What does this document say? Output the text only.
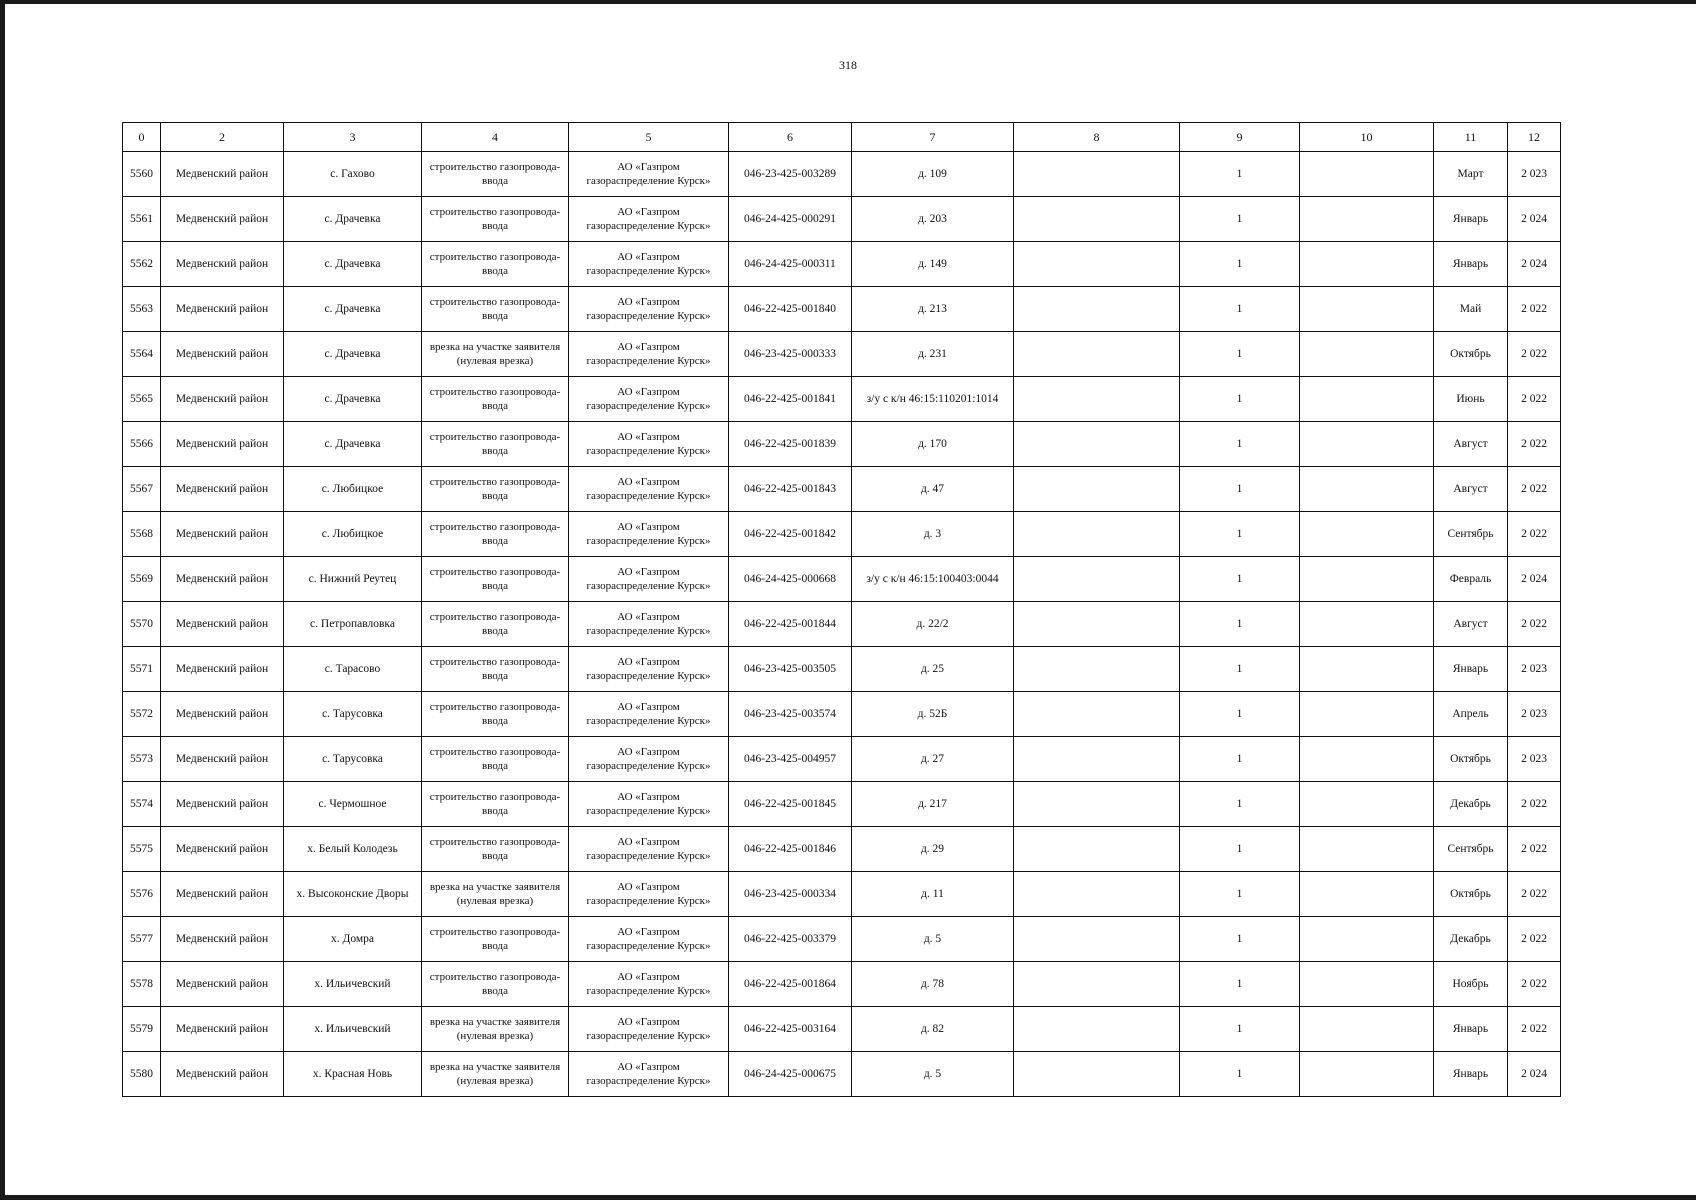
318
0	2	3	4	5	6	7	8	9	10	11	12
5560	Медвенский район	с. Гахово	строительство газопровода-ввода	АО «Газпром газораспределение Курск»	046-23-425-003289	д. 109		1		Март	2 023
5561	Медвенский район	с. Драчевка	строительство газопровода-ввода	АО «Газпром газораспределение Курск»	046-24-425-000291	д. 203		1		Январь	2 024
5562	Медвенский район	с. Драчевка	строительство газопровода-ввода	АО «Газпром газораспределение Курск»	046-24-425-000311	д. 149		1		Январь	2 024
5563	Медвенский район	с. Драчевка	строительство газопровода-ввода	АО «Газпром газораспределение Курск»	046-22-425-001840	д. 213		1		Май	2 022
5564	Медвенский район	с. Драчевка	врезка на участке заявителя (нулевая врезка)	АО «Газпром газораспределение Курск»	046-23-425-000333	д. 231		1		Октябрь	2 022
5565	Медвенский район	с. Драчевка	строительство газопровода-ввода	АО «Газпром газораспределение Курск»	046-22-425-001841	з/у с к/н 46:15:110201:1014		1		Июнь	2 022
5566	Медвенский район	с. Драчевка	строительство газопровода-ввода	АО «Газпром газораспределение Курск»	046-22-425-001839	д. 170		1		Август	2 022
5567	Медвенский район	с. Любицкое	строительство газопровода-ввода	АО «Газпром газораспределение Курск»	046-22-425-001843	д. 47		1		Август	2 022
5568	Медвенский район	с. Любицкое	строительство газопровода-ввода	АО «Газпром газораспределение Курск»	046-22-425-001842	д. 3		1		Сентябрь	2 022
5569	Медвенский район	с. Нижний Реутец	строительство газопровода-ввода	АО «Газпром газораспределение Курск»	046-24-425-000668	з/у с к/н 46:15:100403:0044		1		Февраль	2 024
5570	Медвенский район	с. Петропавловка	строительство газопровода-ввода	АО «Газпром газораспределение Курск»	046-22-425-001844	д. 22/2		1		Август	2 022
5571	Медвенский район	с. Тарасово	строительство газопровода-ввода	АО «Газпром газораспределение Курск»	046-23-425-003505	д. 25		1		Январь	2 023
5572	Медвенский район	с. Тарусовка	строительство газопровода-ввода	АО «Газпром газораспределение Курск»	046-23-425-003574	д. 52Б		1		Апрель	2 023
5573	Медвенский район	с. Тарусовка	строительство газопровода-ввода	АО «Газпром газораспределение Курск»	046-23-425-004957	д. 27		1		Октябрь	2 023
5574	Медвенский район	с. Чермошное	строительство газопровода-ввода	АО «Газпром газораспределение Курск»	046-22-425-001845	д. 217		1		Декабрь	2 022
5575	Медвенский район	х. Белый Колодезь	строительство газопровода-ввода	АО «Газпром газораспределение Курск»	046-22-425-001846	д. 29		1		Сентябрь	2 022
5576	Медвенский район	х. Высоконские Дворы	врезка на участке заявителя (нулевая врезка)	АО «Газпром газораспределение Курск»	046-23-425-000334	д. 11		1		Октябрь	2 022
5577	Медвенский район	х. Домра	строительство газопровода-ввода	АО «Газпром газораспределение Курск»	046-22-425-003379	д. 5		1		Декабрь	2 022
5578	Медвенский район	х. Ильичевский	строительство газопровода-ввода	АО «Газпром газораспределение Курск»	046-22-425-001864	д. 78		1		Ноябрь	2 022
5579	Медвенский район	х. Ильичевский	врезка на участке заявителя (нулевая врезка)	АО «Газпром газораспределение Курск»	046-22-425-003164	д. 82		1		Январь	2 022
5580	Медвенский район	х. Красная Новь	врезка на участке заявителя (нулевая врезка)	АО «Газпром газораспределение Курск»	046-24-425-000675	д. 5		1		Январь	2 024
